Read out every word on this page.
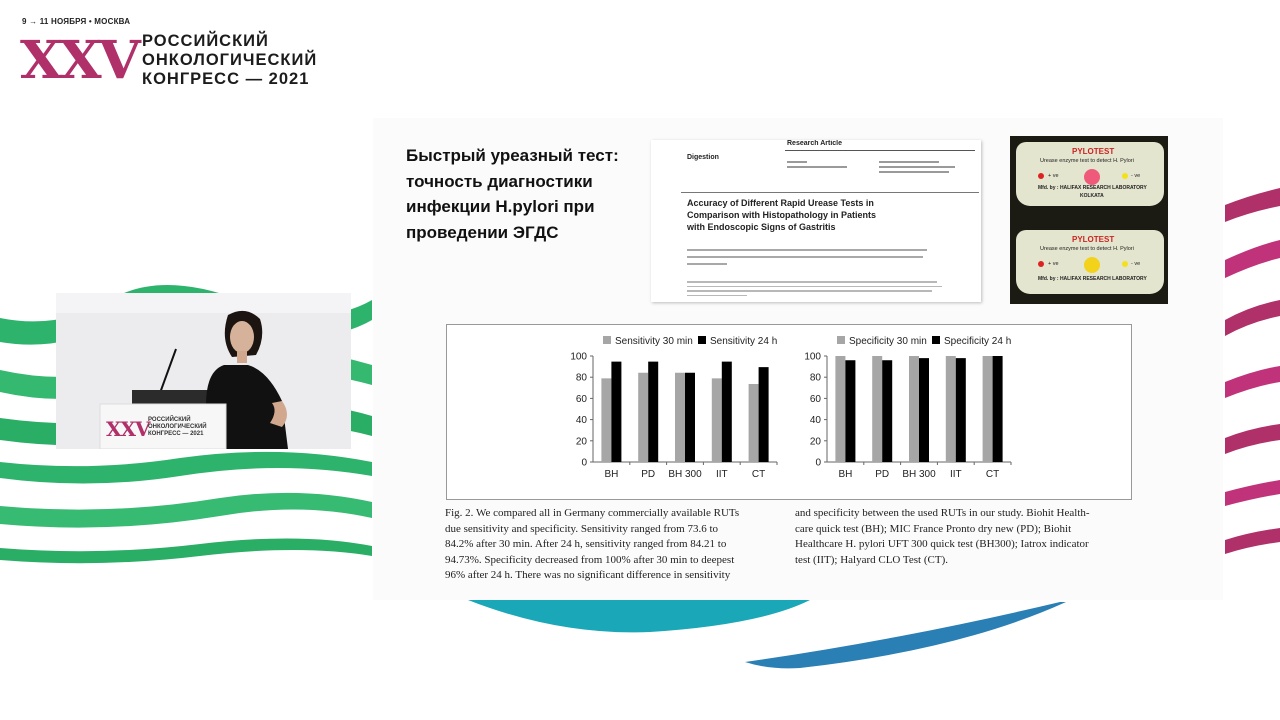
9 → 11 НОЯБРЯ • МОСКВА
XXV РОССИЙСКИЙ
ОНКОЛОГИЧЕСКИЙ
КОНГРЕСС — 2021
Быстрый уреазный тест:
точность диагностики
инфекции H.pylori при
проведении ЭГДС
Research Article
Digestion
Accuracy of Different Rapid Urease Tests in
Comparison with Histopathology in Patients
with Endoscopic Signs of Gastritis
PYLOTEST
Urease enzyme test to detect H. Pylori
+ ve	- ve
Mfd. by : HALIFAX RESEARCH LABORATORY
KOLKATA
PYLOTEST
Urease enzyme test to detect H. Pylori
+ ve	- ve
Mfd. by : HALIFAX RESEARCH LABORATORY
Sensitivity 30 min Sensitivity 24 h
0
20
40
60
80
100
BH PD BH 300 IIT CT
Specificity 30 min Specificity 24 h
0
20
40
60
80
100
BH PD BH 300 IIT CT
Fig. 2. We compared all in Germany commercially available RUTs
due sensitivity and specificity. Sensitivity ranged from 73.6 to
84.2% after 30 min. After 24 h, sensitivity ranged from 84.21 to
94.73%. Specificity decreased from 100% after 30 min to deepest
96% after 24 h. There was no significant difference in sensitivity
and specificity between the used RUTs in our study. Biohit Health-
care quick test (BH); MIC France Pronto dry new (PD); Biohit
Healthcare H. pylori UFT 300 quick test (BH300); Iatrox indicator
test (IIT); Halyard CLO Test (CT).
XXV
РОССИЙСКИЙ
ОНКОЛОГИЧЕСКИЙ
КОНГРЕСС — 2021
